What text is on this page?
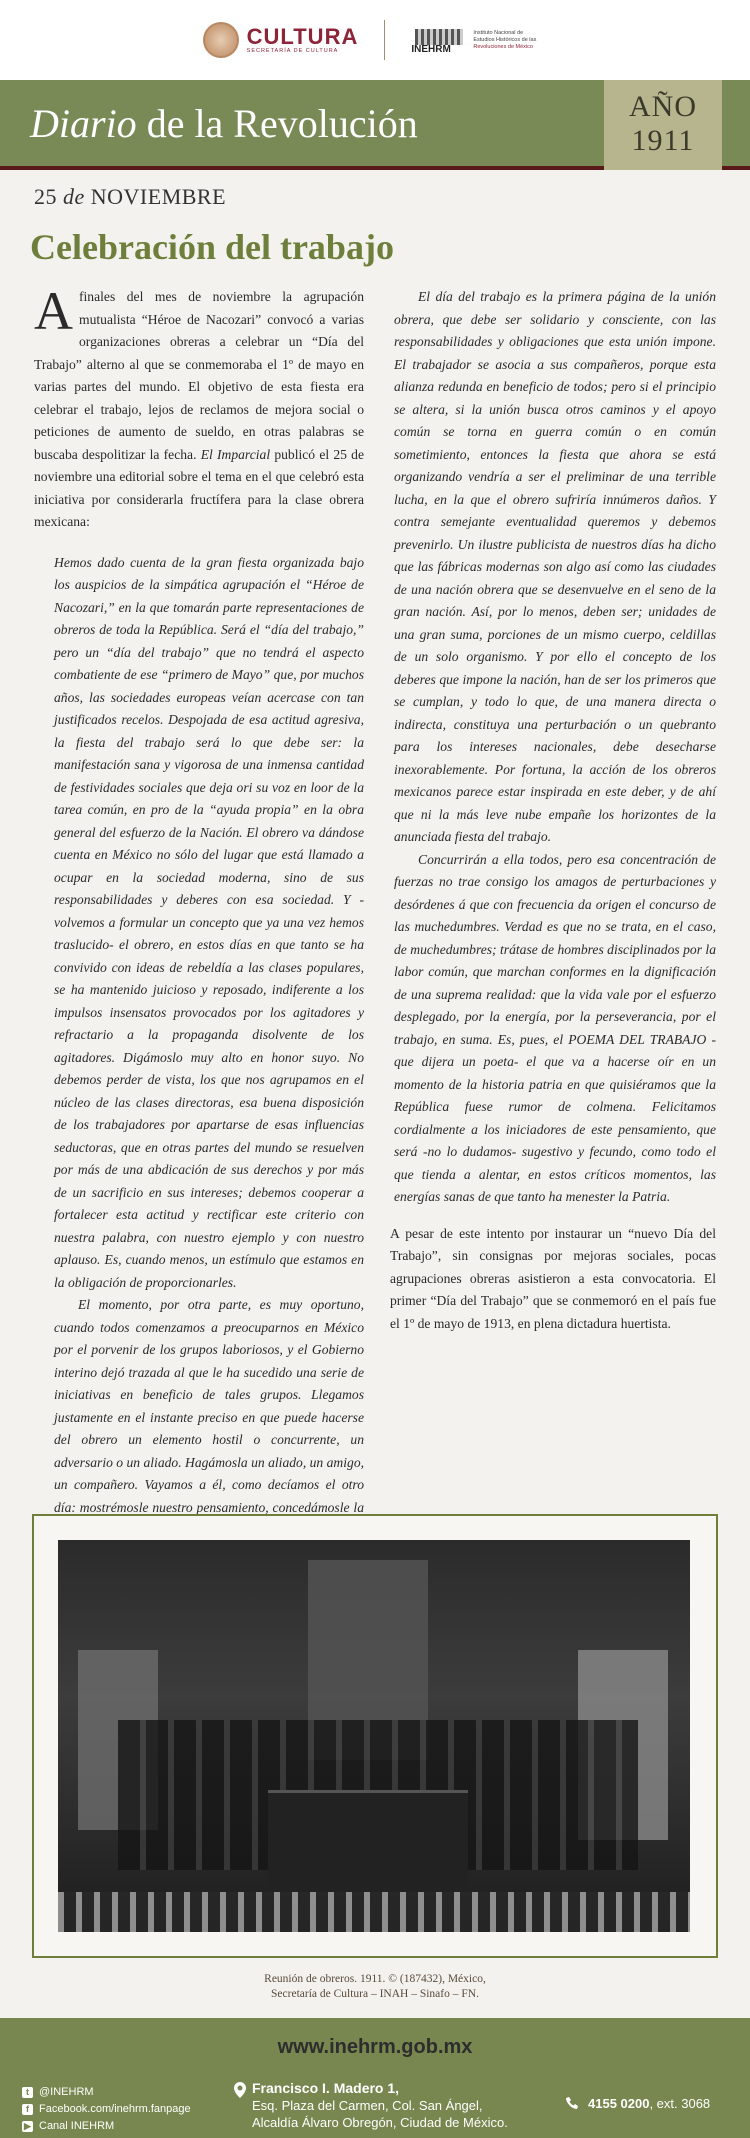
CULTURA
SECRETARÍA DE CULTURA	INEHRM
Instituto Nacional de
Estudios Históricos de las
Revoluciones de México
Diario de la Revolución	AÑO
1911
25 de NOVIEMBRE
Celebración del trabajo

Afinales del mes de noviembre la agrupación mutualista “Héroe de Nacozari” convocó a varias organizaciones obreras a celebrar un “Día del Trabajo” alterno al que se conmemoraba el 1º de mayo en varias partes del mundo. El objetivo de esta fiesta era celebrar el trabajo, lejos de reclamos de mejora social o peticiones de aumento de sueldo, en otras palabras se buscaba despolitizar la fecha. El Imparcial publicó el 25 de noviembre una editorial sobre el tema en el que celebró esta iniciativa por considerarla fructífera para la clase obrera mexicana:

Hemos dado cuenta de la gran fiesta organizada bajo los auspicios de la simpática agrupación el “Héroe de Nacozari,” en la que tomarán parte representaciones de obreros de toda la República. Será el “día del trabajo,” pero un “día del trabajo” que no tendrá el aspecto combatiente de ese “primero de Mayo” que, por muchos años, las sociedades europeas veían acercase con tan justificados recelos. Despojada de esa actitud agresiva, la fiesta del trabajo será lo que debe ser: la manifestación sana y vigorosa de una inmensa cantidad de festividades sociales que deja ori su voz en loor de la tarea común, en pro de la “ayuda propia” en la obra general del esfuerzo de la Nación. El obrero va dándose cuenta en México no sólo del lugar que está llamado a ocupar en la sociedad moderna, sino de sus responsabilidades y deberes con esa sociedad. Y -volvemos a formular un concepto que ya una vez hemos traslucido- el obrero, en estos días en que tanto se ha convivido con ideas de rebeldía a las clases populares, se ha mantenido juicioso y reposado, indiferente a los impulsos insensatos provocados por los agitadores y refractario a la propaganda disolvente de los agitadores. Digámoslo muy alto en honor suyo. No debemos perder de vista, los que nos agrupamos en el núcleo de las clases directoras, esa buena disposición de los trabajadores por apartarse de esas influencias seductoras, que en otras partes del mundo se resuelven por más de una abdicación de sus derechos y por más de un sacrificio en sus intereses; debemos cooperar a fortalecer esta actitud y rectificar este criterio con nuestra palabra, con nuestro ejemplo y con nuestro aplauso. Es, cuando menos, un estímulo que estamos en la obligación de proporcionarles.

El momento, por otra parte, es muy oportuno, cuando todos comenzamos a preocuparnos en México por el porvenir de los grupos laboriosos, y el Gobierno interino dejó trazada al que le ha sucedido una serie de iniciativas en beneficio de tales grupos. Llegamos justamente en el instante preciso en que puede hacerse del obrero un elemento hostil o concurrente, un adversario o un aliado. Hagámosla un aliado, un amigo, un compañero. Vayamos a él, como decíamos el otro día: mostrémosle nuestro pensamiento, concedámosle la

El día del trabajo es la primera página de la unión obrera, que debe ser solidario y consciente, con las responsabilidades y obligaciones que esta unión impone. El trabajador se asocia a sus compañeros, porque esta alianza redunda en beneficio de todos; pero si el principio se altera, si la unión busca otros caminos y el apoyo común se torna en guerra común o en común sometimiento, entonces la fiesta que ahora se está organizando vendría a ser el preliminar de una terrible lucha, en la que el obrero sufriría innúmeros daños. Y contra semejante eventualidad queremos y debemos prevenirlo. Un ilustre publicista de nuestros días ha dicho que las fábricas modernas son algo así como las ciudades de una nación obrera que se desenvuelve en el seno de la gran nación. Así, por lo menos, deben ser; unidades de una gran suma, porciones de un mismo cuerpo, celdillas de un solo organismo. Y por ello el concepto de los deberes que impone la nación, han de ser los primeros que se cumplan, y todo lo que, de una manera directa o indirecta, constituya una perturbación o un quebranto para los intereses nacionales, debe desecharse inexorablemente. Por fortuna, la acción de los obreros mexicanos parece estar inspirada en este deber, y de ahí que ni la más leve nube empañe los horizontes de la anunciada fiesta del trabajo.

Concurrirán a ella todos, pero esa concentración de fuerzas no trae consigo los amagos de perturbaciones y desórdenes á que con frecuencia da origen el concurso de las muchedumbres. Verdad es que no se trata, en el caso, de muchedumbres; trátase de hombres disciplinados por la labor común, que marchan conformes en la dignificación de una suprema realidad: que la vida vale por el esfuerzo desplegado, por la energía, por la perseverancia, por el trabajo, en suma. Es, pues, el POEMA DEL TRABAJO -que dijera un poeta- el que va a hacerse oír en un momento de la historia patria en que quisiéramos que la República fuese rumor de colmena. Felicitamos cordialmente a los iniciadores de este pensamiento, que será -no lo dudamos- sugestivo y fecundo, como todo el que tienda a alentar, en estos críticos momentos, las energías sanas de que tanto ha menester la Patria.

A pesar de este intento por instaurar un “nuevo Día del Trabajo”, sin consignas por mejoras sociales, pocas agrupaciones obreras asistieron a esta convocatoria. El primer “Día del Trabajo” que se conmemoró en el país fue el 1º de mayo de 1913, en plena dictadura huertista.

Reunión de obreros. 1911. © (187432), México,
Secretaría de Cultura – INAH – Sinafo – FN.
www.inehrm.gob.mx
t @INEHRM
f Facebook.com/inehrm.fanpage
▶ Canal INEHRM
Francisco I. Madero 1,
Esq. Plaza del Carmen, Col. San Ángel,
Alcaldía Álvaro Obregón, Ciudad de México.
4155 0200, ext. 3068
